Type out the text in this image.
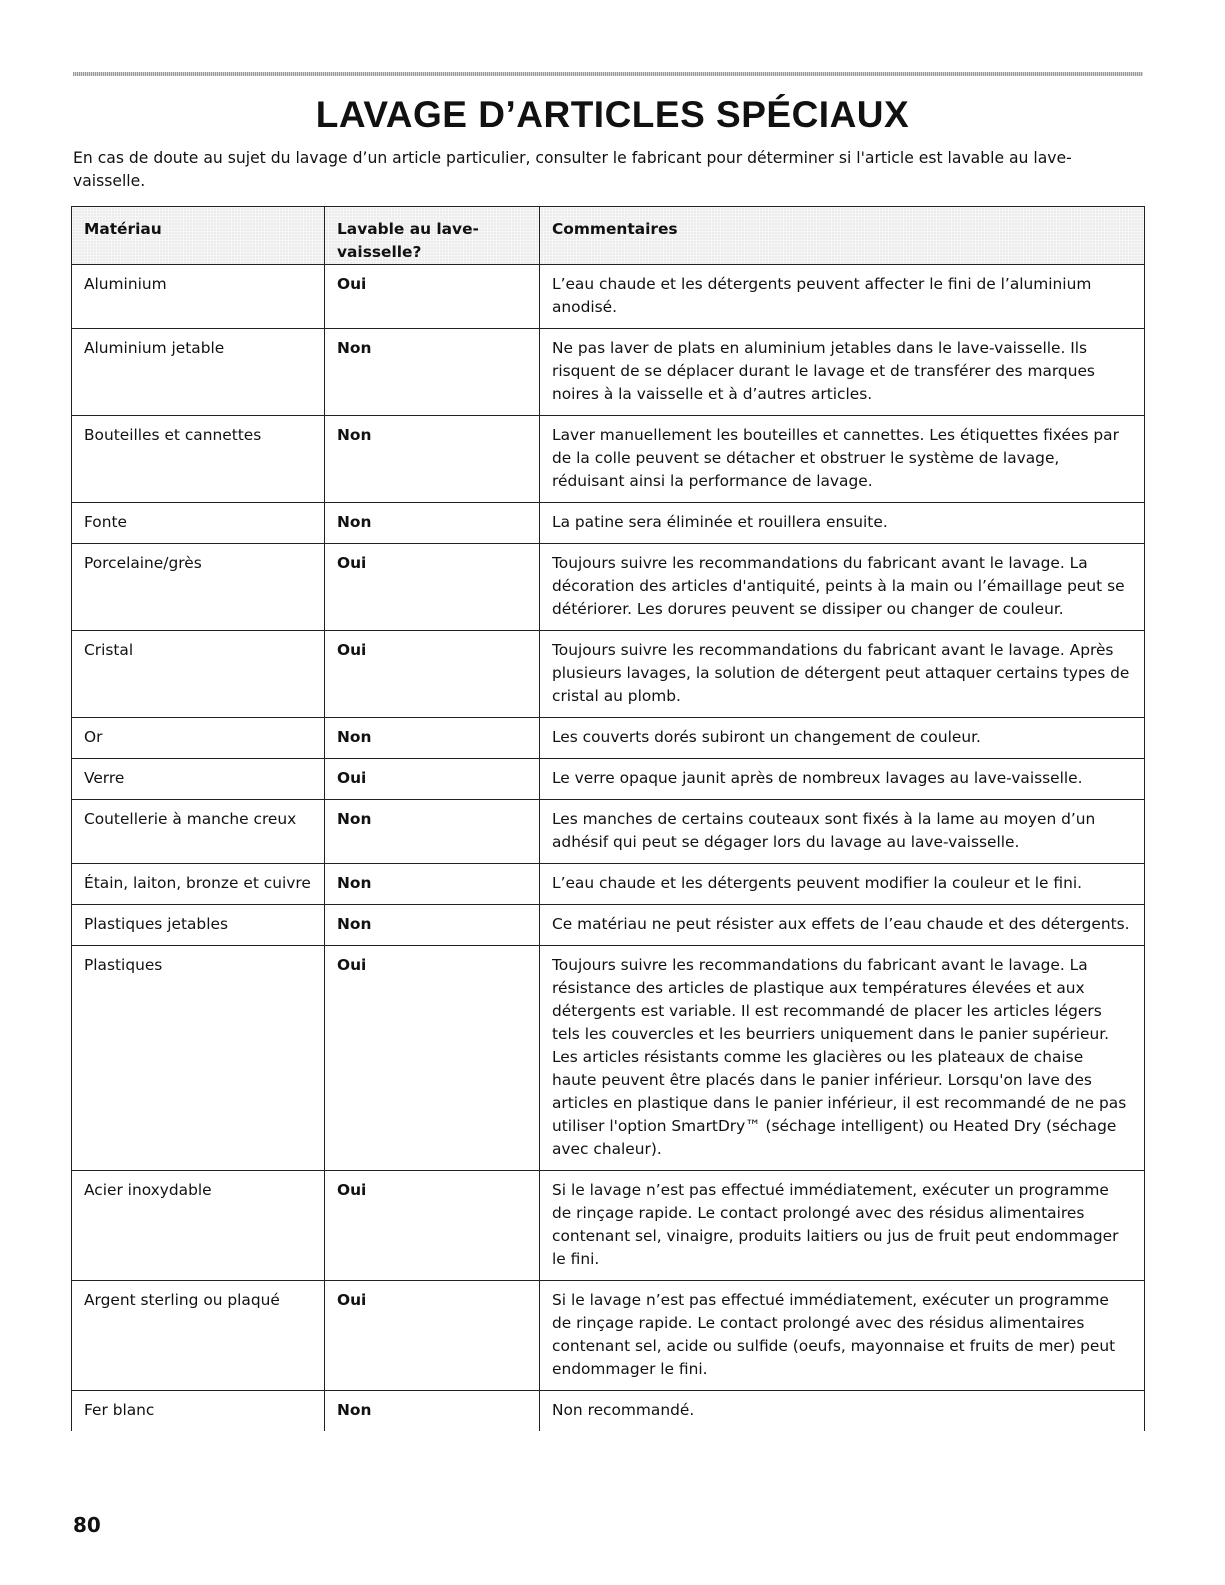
LAVAGE D’ARTICLES SPÉCIAUX

En cas de doute au sujet du lavage d’un article particulier, consulter le fabricant pour déterminer si l'article est lavable au lave-vaisselle.

Matériau	Lavable au lave-vaisselle?	Commentaires
Aluminium	Oui	L’eau chaude et les détergents peuvent affecter le fini de l’aluminium anodisé.
Aluminium jetable	Non	Ne pas laver de plats en aluminium jetables dans le lave-vaisselle. Ils risquent de se déplacer durant le lavage et de transférer des marques noires à la vaisselle et à d’autres articles.
Bouteilles et cannettes	Non	Laver manuellement les bouteilles et cannettes. Les étiquettes fixées par de la colle peuvent se détacher et obstruer le système de lavage, réduisant ainsi la performance de lavage.
Fonte	Non	La patine sera éliminée et rouillera ensuite.
Porcelaine/grès	Oui	Toujours suivre les recommandations du fabricant avant le lavage. La décoration des articles d'antiquité, peints à la main ou l’émaillage peut se détériorer. Les dorures peuvent se dissiper ou changer de couleur.
Cristal	Oui	Toujours suivre les recommandations du fabricant avant le lavage. Après plusieurs lavages, la solution de détergent peut attaquer certains types de cristal au plomb.
Or	Non	Les couverts dorés subiront un changement de couleur.
Verre	Oui	Le verre opaque jaunit après de nombreux lavages au lave-vaisselle.
Coutellerie à manche creux	Non	Les manches de certains couteaux sont fixés à la lame au moyen d’un adhésif qui peut se dégager lors du lavage au lave-vaisselle.
Étain, laiton, bronze et cuivre	Non	L’eau chaude et les détergents peuvent modifier la couleur et le fini.
Plastiques jetables	Non	Ce matériau ne peut résister aux effets de l’eau chaude et des détergents.
Plastiques	Oui	Toujours suivre les recommandations du fabricant avant le lavage. La résistance des articles de plastique aux températures élevées et aux détergents est variable. Il est recommandé de placer les articles légers tels les couvercles et les beurriers uniquement dans le panier supérieur. Les articles résistants comme les glacières ou les plateaux de chaise haute peuvent être placés dans le panier inférieur. Lorsqu'on lave des articles en plastique dans le panier inférieur, il est recommandé de ne pas utiliser l'option SmartDry™ (séchage intelligent) ou Heated Dry (séchage avec chaleur).
Acier inoxydable	Oui	Si le lavage n’est pas effectué immédiatement, exécuter un programme de rinçage rapide. Le contact prolongé avec des résidus alimentaires contenant sel, vinaigre, produits laitiers ou jus de fruit peut endommager le fini.
Argent sterling ou plaqué	Oui	Si le lavage n’est pas effectué immédiatement, exécuter un programme de rinçage rapide. Le contact prolongé avec des résidus alimentaires contenant sel, acide ou sulfide (oeufs, mayonnaise et fruits de mer) peut endommager le fini.
Fer blanc	Non	Non recommandé.
80
